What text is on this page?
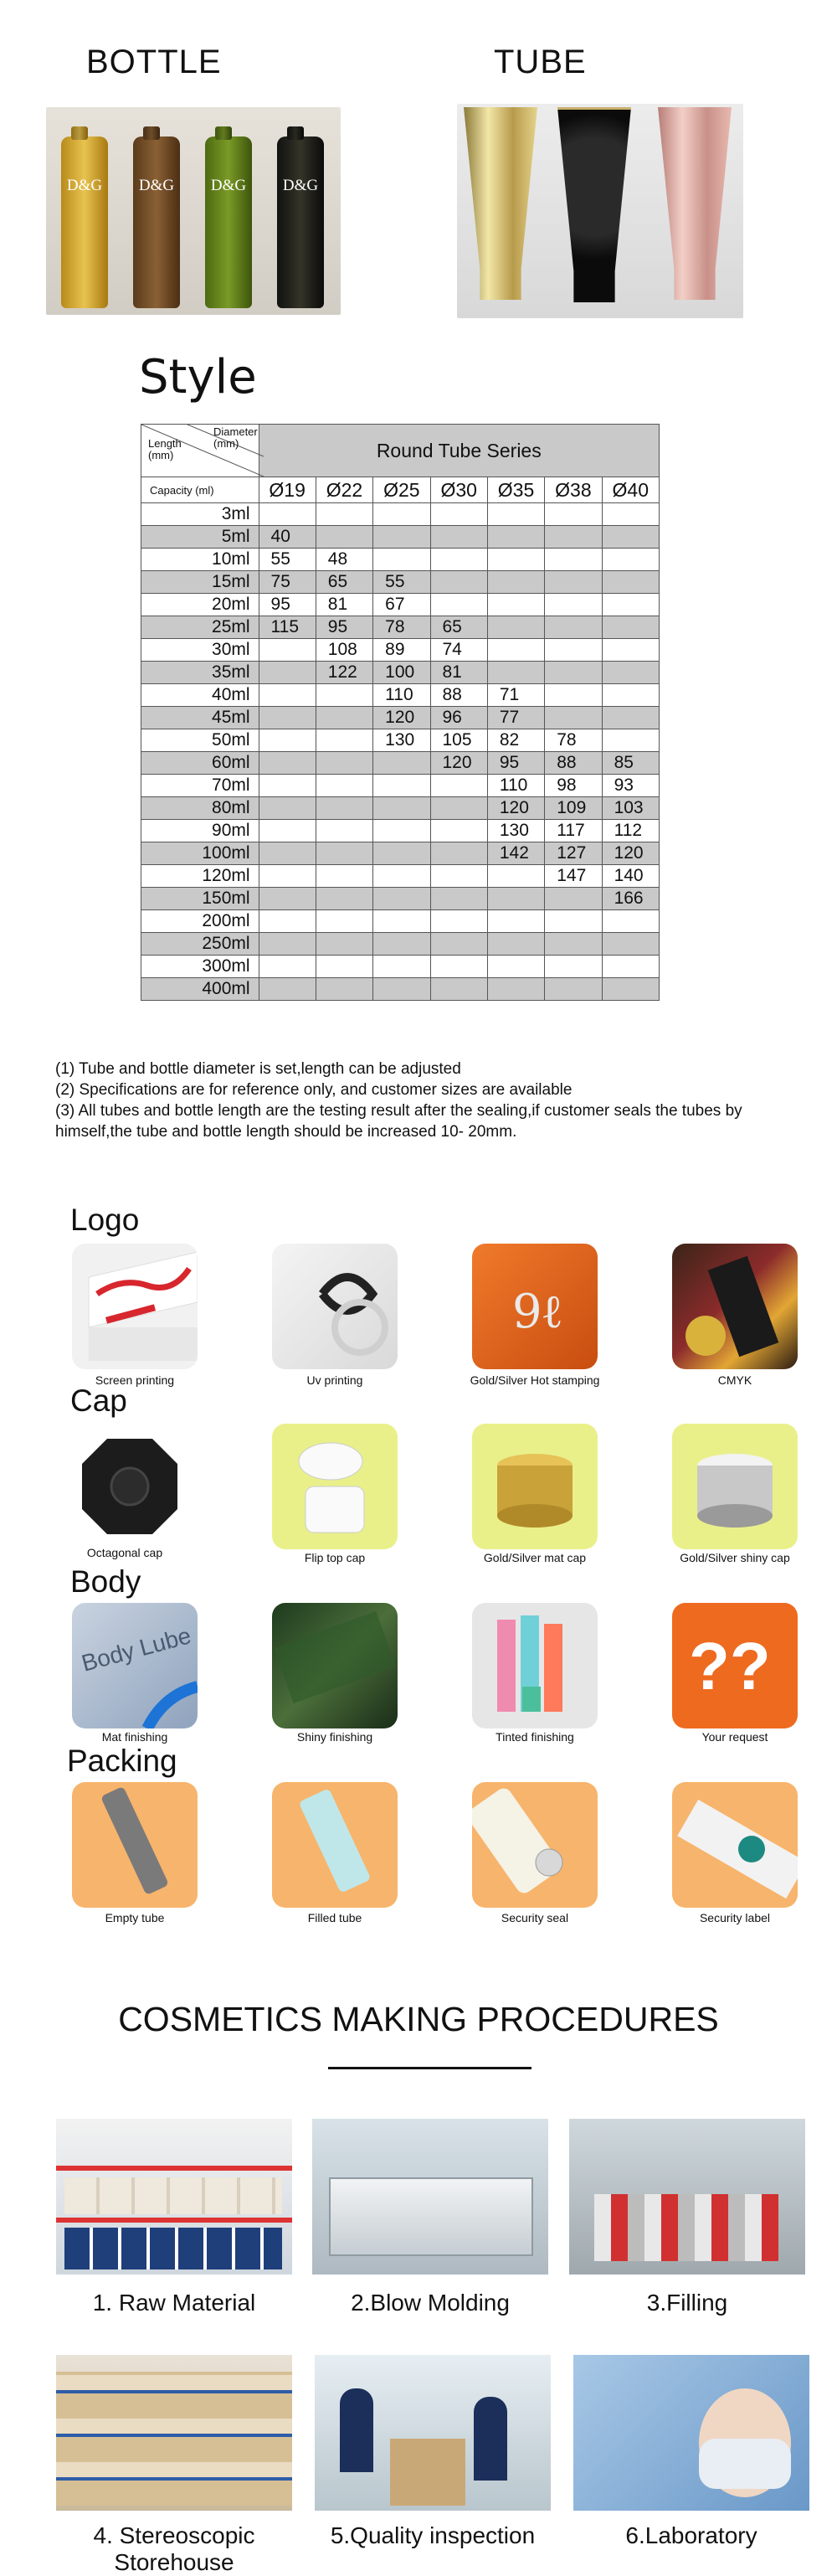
BOTTLE	TUBE
D&G D&G D&G D&G
Style
Length (mm)
Diameter (mm)	Round Tube Series						
Capacity (ml)	Ø19	Ø22	Ø25	Ø30	Ø35	Ø38	Ø40
3ml							
5ml	40						
10ml	55	48					
15ml	75	65	55				
20ml	95	81	67				
25ml	115	95	78	65			
30ml		108	89	74			
35ml		122	100	81			
40ml			110	88	71		
45ml			120	96	77		
50ml			130	105	82	78	
60ml				120	95	88	85
70ml					110	98	93
80ml					120	109	103
90ml					130	117	112
100ml					142	127	120
120ml						147	140
150ml							166
200ml							
250ml							
300ml							
400ml							
(1) Tube and bottle diameter is set,length can be adjusted
(2) Specifications are for reference only, and customer sizes are available
(3) All tubes and bottle length are the testing result after the sealing,if customer seals the tubes by himself,the tube and bottle length should be increased 10- 20mm.
Logo
Screen printing	Uv printing
9
ℓ
Gold/Silver Hot stamping	CMYK
Cap
Octagonal cap	Flip top cap	Gold/Silver mat cap	Gold/Silver shiny cap
Body
Body Lube
Mat finishing	Shiny finishing	Tinted finishing
??
Your request
Packing
Empty tube	Filled tube	Security seal	Security label
COSMETICS MAKING PROCEDURES
1. Raw Material	2.Blow Molding	3.Filling
4. Stereoscopic Storehouse
5.Quality inspection	6.Laboratory
